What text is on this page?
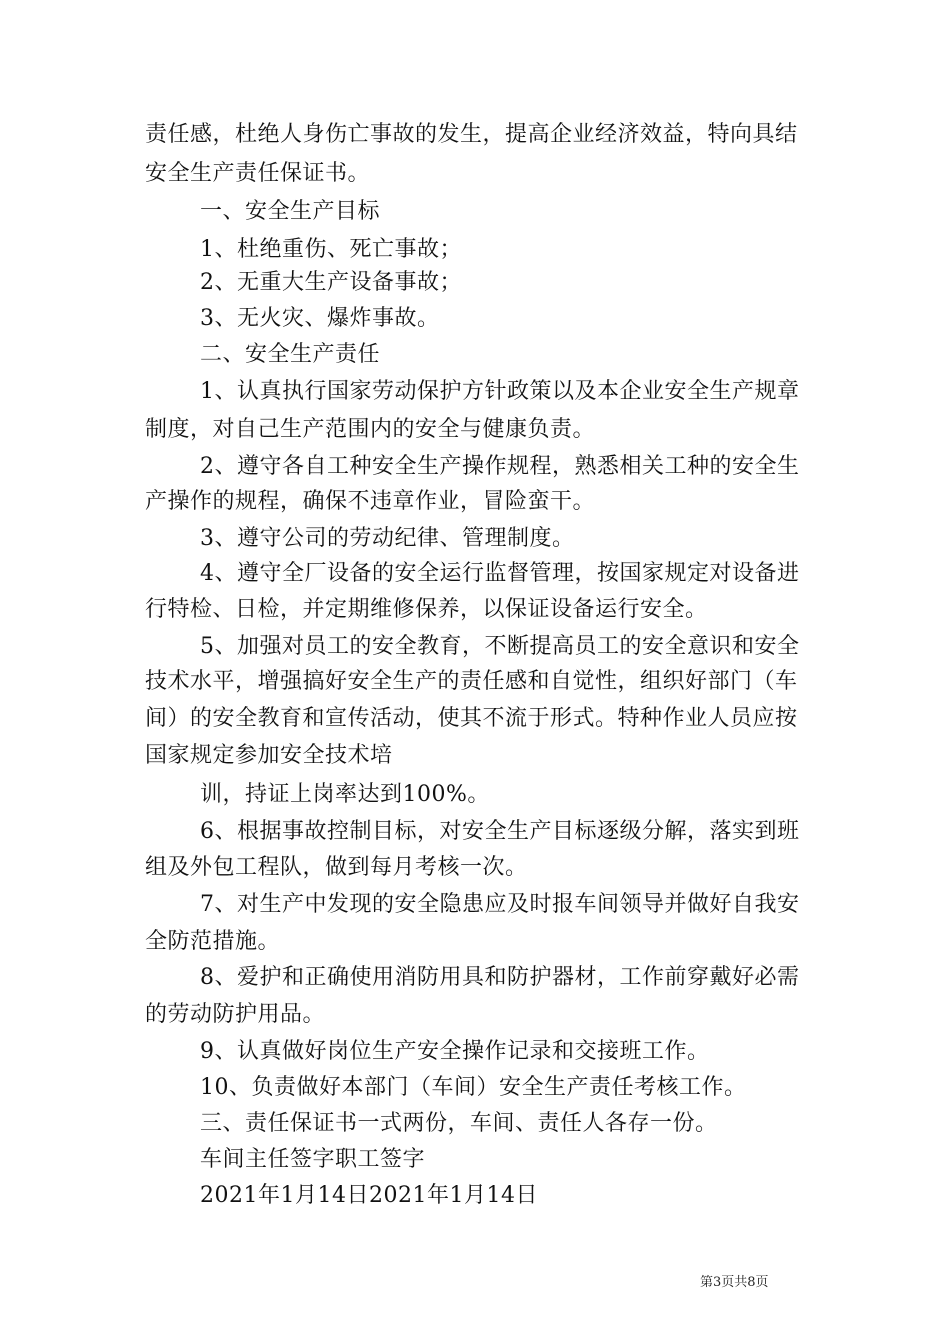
责任感，杜绝人身伤亡事故的发生，提高企业经济效益，特向具结
安全生产责任保证书。
一、安全生产目标
1、杜绝重伤、死亡事故；
2、无重大生产设备事故；
3、无火灾、爆炸事故。
二、安全生产责任
1、认真执行国家劳动保护方针政策以及本企业安全生产规章
制度，对自己生产范围内的安全与健康负责。
2、遵守各自工种安全生产操作规程，熟悉相关工种的安全生
产操作的规程，确保不违章作业，冒险蛮干。
3、遵守公司的劳动纪律、管理制度。
4、遵守全厂设备的安全运行监督管理，按国家规定对设备进
行特检、日检，并定期维修保养，以保证设备运行安全。
5、加强对员工的安全教育，不断提高员工的安全意识和安全
技术水平，增强搞好安全生产的责任感和自觉性，组织好部门（车
间）的安全教育和宣传活动，使其不流于形式。特种作业人员应按
国家规定参加安全技术培
训，持证上岗率达到100%。
6、根据事故控制目标，对安全生产目标逐级分解，落实到班
组及外包工程队，做到每月考核一次。
7、对生产中发现的安全隐患应及时报车间领导并做好自我安
全防范措施。
8、爱护和正确使用消防用具和防护器材，工作前穿戴好必需
的劳动防护用品。
9、认真做好岗位生产安全操作记录和交接班工作。
10、负责做好本部门（车间）安全生产责任考核工作。
三、责任保证书一式两份，车间、责任人各存一份。
车间主任签字职工签字
2021年1月14日2021年1月14日
第3页共8页
